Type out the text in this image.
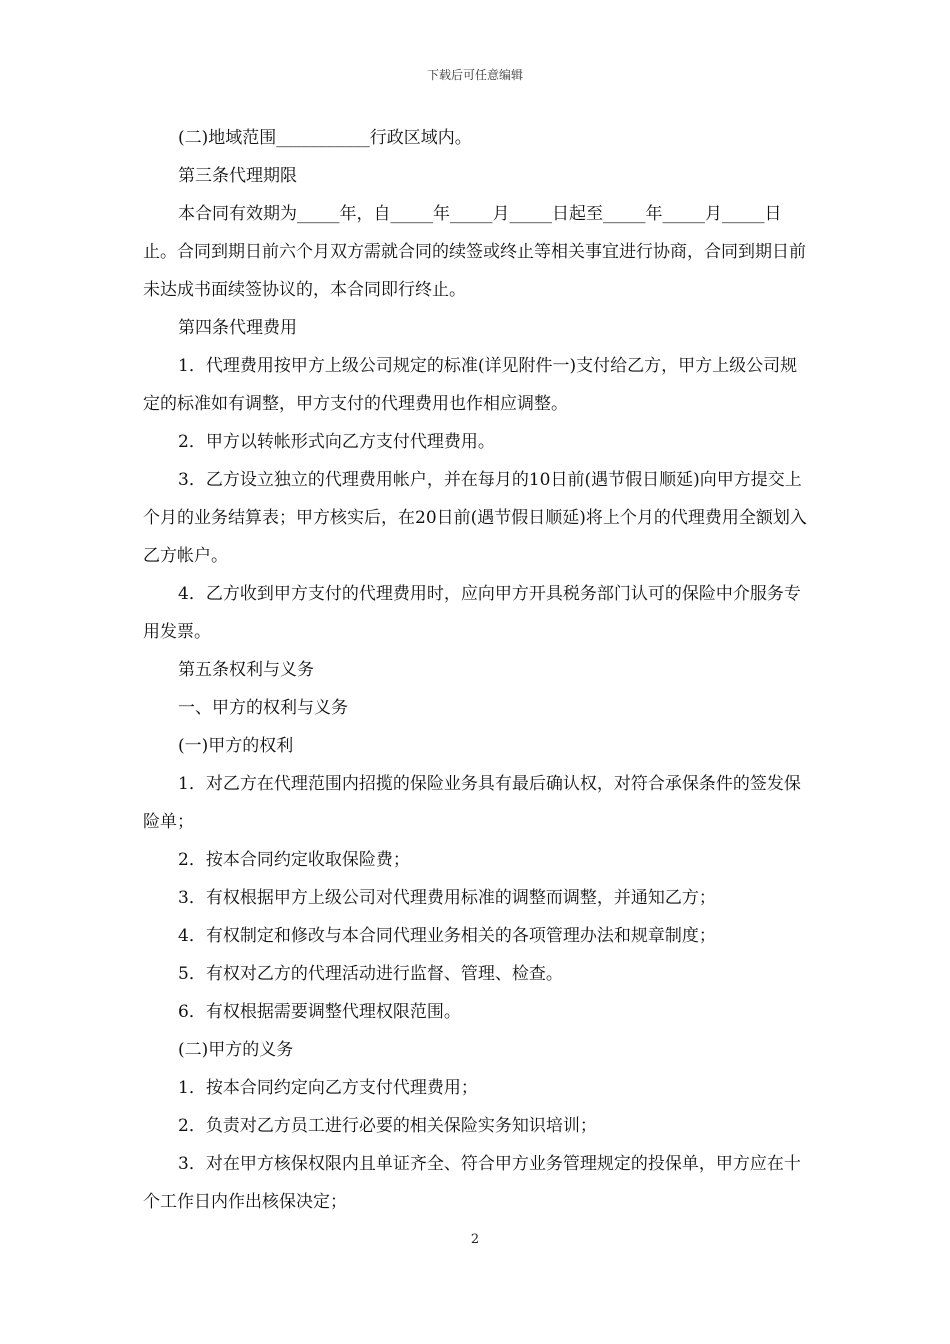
下载后可任意编辑

(二)地域范围___________行政区域内。

第三条代理期限

本合同有效期为_____年，自_____年_____月_____日起至_____年_____月_____日止。合同到期日前六个月双方需就合同的续签或终止等相关事宜进行协商，合同到期日前未达成书面续签协议的，本合同即行终止。

第四条代理费用

1．代理费用按甲方上级公司规定的标准(详见附件一)支付给乙方，甲方上级公司规定的标准如有调整，甲方支付的代理费用也作相应调整。

2．甲方以转帐形式向乙方支付代理费用。

3．乙方设立独立的代理费用帐户，并在每月的10日前(遇节假日顺延)向甲方提交上个月的业务结算表；甲方核实后，在20日前(遇节假日顺延)将上个月的代理费用全额划入乙方帐户。

4．乙方收到甲方支付的代理费用时，应向甲方开具税务部门认可的保险中介服务专用发票。

第五条权利与义务

一、甲方的权利与义务

(一)甲方的权利

1．对乙方在代理范围内招揽的保险业务具有最后确认权，对符合承保条件的签发保险单；

2．按本合同约定收取保险费；

3．有权根据甲方上级公司对代理费用标准的调整而调整，并通知乙方；

4．有权制定和修改与本合同代理业务相关的各项管理办法和规章制度；

5．有权对乙方的代理活动进行监督、管理、检查。

6．有权根据需要调整代理权限范围。

(二)甲方的义务

1．按本合同约定向乙方支付代理费用；

2．负责对乙方员工进行必要的相关保险实务知识培训；

3．对在甲方核保权限内且单证齐全、符合甲方业务管理规定的投保单，甲方应在十个工作日内作出核保决定；

2
